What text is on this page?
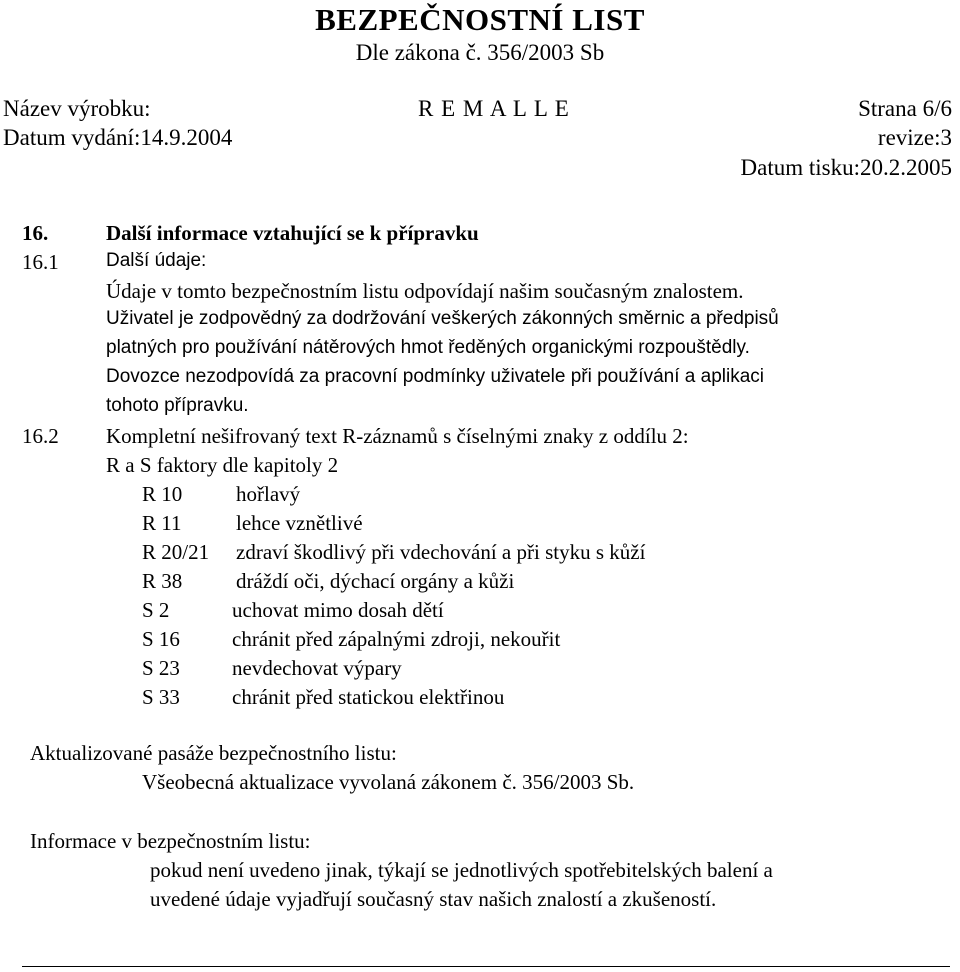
BEZPEČNOSTNÍ LIST
Dle zákona č. 356/2003 Sb
Název výrobku:	R E M A L L E	Strana 6/6
Datum vydání:14.9.2004	revize:3
Datum tisku:20.2.2005
16.	Další informace vztahující se k přípravku
16.1 Další údaje:
Údaje v tomto bezpečnostním listu odpovídají našim současným znalostem.
Uživatel je zodpovědný za dodržování veškerých zákonných směrnic a předpisů
platných pro používání nátěrových hmot ředěných organickými rozpouštědly.
Dovozce nezodpovídá za pracovní podmínky uživatele při používání a aplikaci
tohoto přípravku.
16.2 Kompletní nešifrovaný text R-záznamů s číselnými znaky z oddílu 2:
R a S faktory dle kapitoly 2
R 10	hořlavý
R 11	lehce vznětlivé
R 20/21 zdraví škodlivý při vdechování a při styku s kůží
R 38	dráždí oči, dýchací orgány a kůži
S 2	uchovat mimo dosah dětí
S 16 chránit před zápalnými zdroji, nekouřit
S 23 nevdechovat výpary
S 33 chránit před statickou elektřinou
Aktualizované pasáže bezpečnostního listu:
Všeobecná aktualizace vyvolaná zákonem č. 356/2003 Sb.
Informace v bezpečnostním listu:
pokud není uvedeno jinak, týkají se jednotlivých spotřebitelských balení a
uvedené údaje vyjadřují současný stav našich znalostí a zkušeností.
